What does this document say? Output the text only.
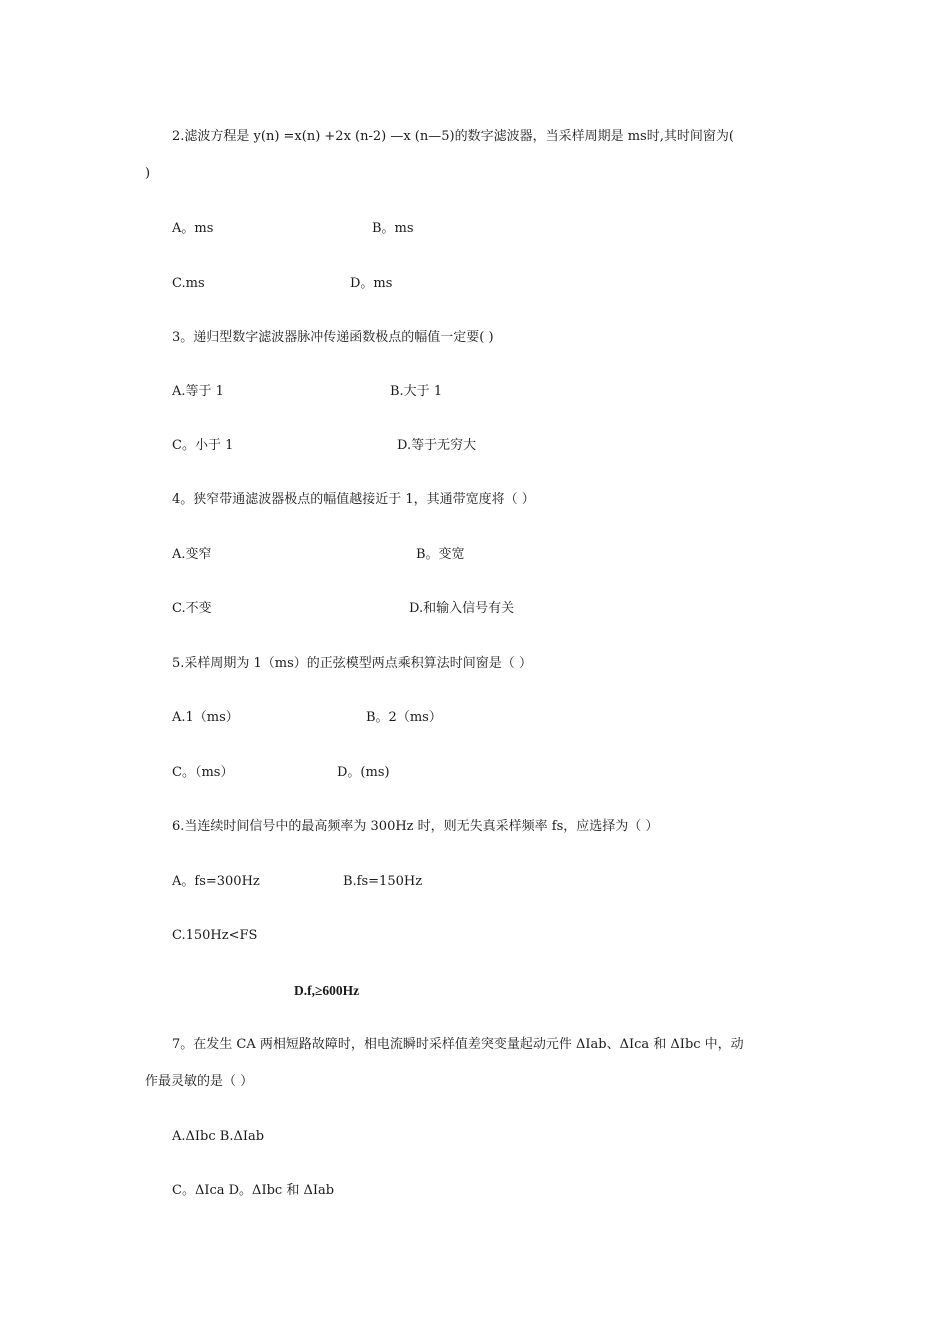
2.滤波方程是 y(n) =x(n) +2x (n-2) —x (n—5)的数字滤波器，当采样周期是 ms时,其时间窗为(
)
A。ms	B。ms
C.ms	D。ms
3。递归型数字滤波器脉冲传递函数极点的幅值一定要( )
A.等于 1	B.大于 1
C。小于 1	D.等于无穷大
4。狭窄带通滤波器极点的幅值越接近于 1，其通带宽度将（ ）
A.变窄	B。变宽
C.不变	D.和输入信号有关
5.采样周期为 1（ms）的正弦模型两点乘积算法时间窗是（ ）
A.1（ms）	B。2（ms）
C。（ms）	D。(ms)
6.当连续时间信号中的最高频率为 300Hz 时，则无失真采样频率 fs，应选择为（ ）
A。fs=300Hz	B.fs=150Hz
C.150Hz<FS
D.f,≥600Hz
7。在发生 CA 两相短路故障时，相电流瞬时采样值差突变量起动元件 ΔIab、ΔIca 和 ΔIbc 中，动
作最灵敏的是（ ）
A.ΔIbc B.ΔIab
C。ΔIca D。ΔIbc 和 ΔIab
